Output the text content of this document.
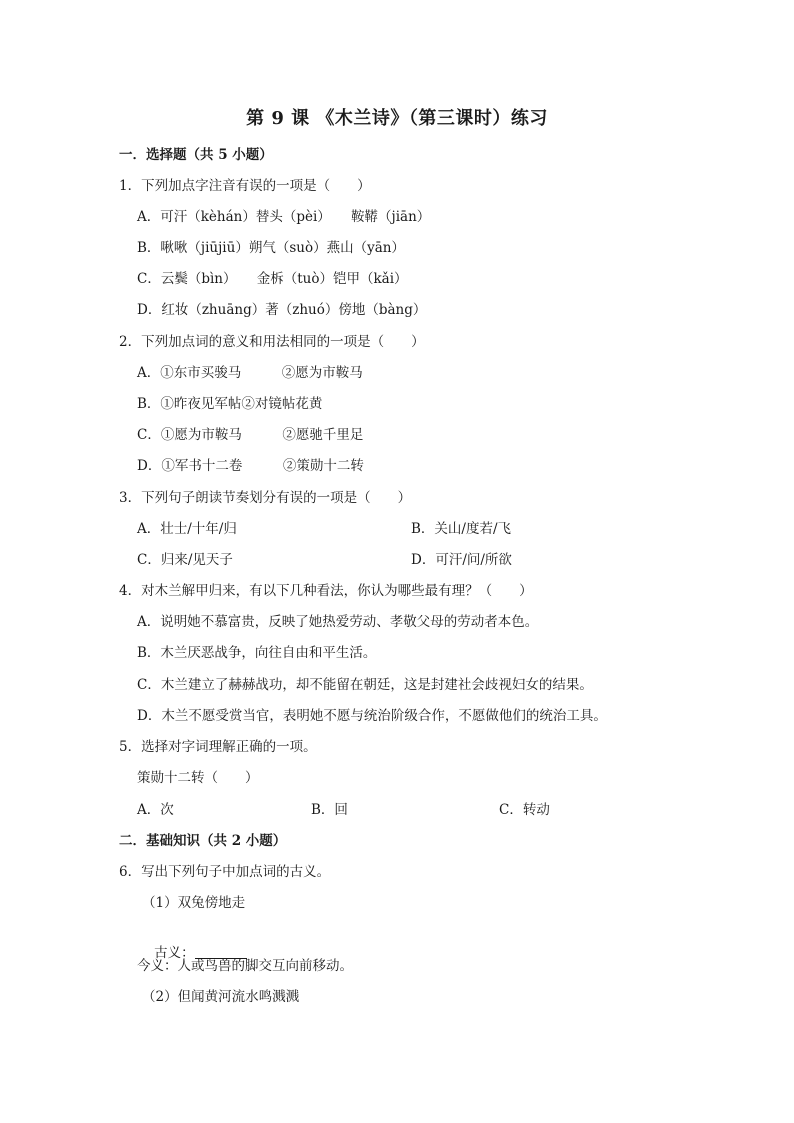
第 9 课 《木兰诗》（第三课时）练习
一．选择题（共 5 小题）
1．下列加点字注音有误的一项是（　　）
A．可汗（kèhán）替头（pèi）　　鞍鞯（jiān）
B．啾啾（jiūjiū）朔气（suò）燕山（yān）
C．云鬓（bìn）　　金柝（tuò）铠甲（kǎi）
D．红妆（zhuāng）著（zhuó）傍地（bàng）
2．下列加点词的意义和用法相同的一项是（　　）
A．①东市买骏马　　　②愿为市鞍马
B．①昨夜见军帖②对镜帖花黄
C．①愿为市鞍马　　　②愿驰千里足
D．①军书十二卷　　　②策勋十二转
3．下列句子朗读节奏划分有误的一项是（　　）
A．壮士/十年/归	B．关山/度若/飞
C．归来/见天子	D．可汗/问/所欲
4．对木兰解甲归来，有以下几种看法，你认为哪些最有理？（　　）
A．说明她不慕富贵，反映了她热爱劳动、孝敬父母的劳动者本色。
B．木兰厌恶战争，向往自由和平生活。
C．木兰建立了赫赫战功，却不能留在朝廷，这是封建社会歧视妇女的结果。
D．木兰不愿受赏当官，表明她不愿与统治阶级合作，不愿做他们的统治工具。
5．选择对字词理解正确的一项。
策勋十二转（　　）
A．次	B．回	C．转动
二．基础知识（共 2 小题）
6．写出下列句子中加点词的古义。
（1）双兔傍地走

古义：

今义：人或鸟兽的脚交互向前移动。
（2）但闻黄河流水鸣溅溅
